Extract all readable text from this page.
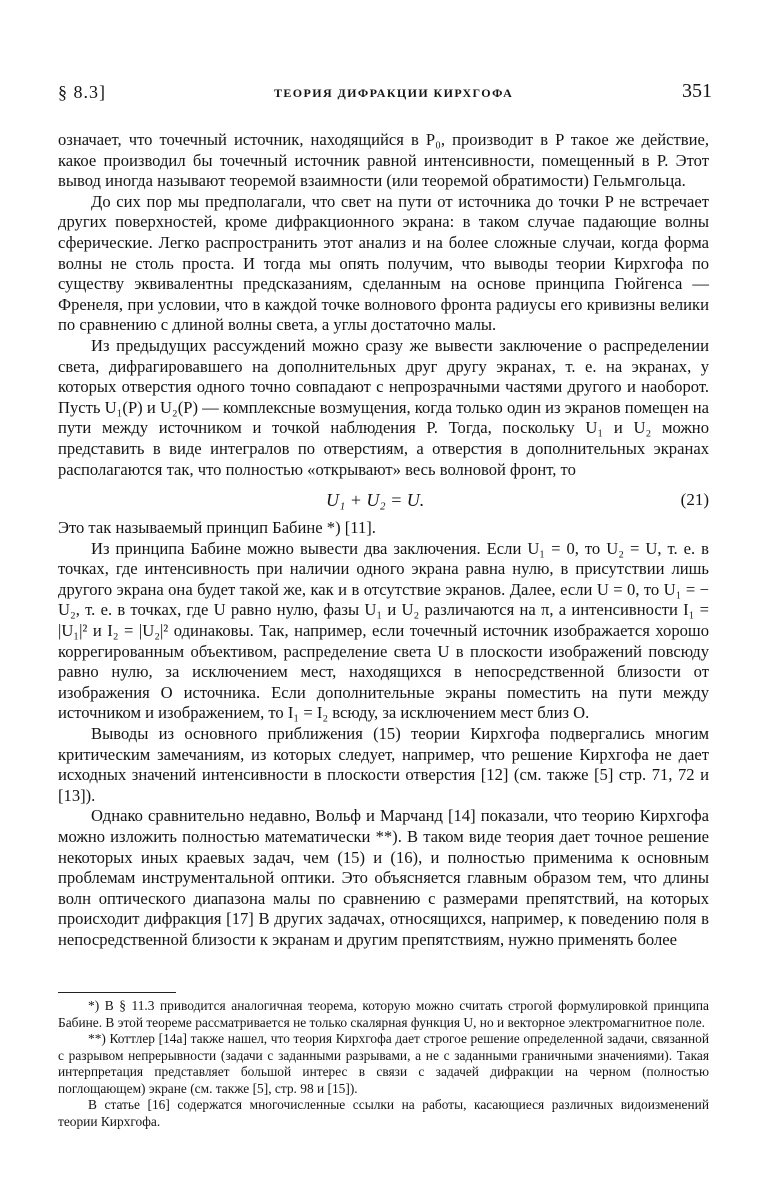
§ 8.3]	ТЕОРИЯ ДИФРАКЦИИ КИРХГОФА	351

означает, что точечный источник, находящийся в P₀, производит в P такое же действие, какое производил бы точечный источник равной интенсивности, помещенный в P. Этот вывод иногда называют теоремой взаимности (или теоремой обратимости) Гельмгольца.

До сих пор мы предполагали, что свет на пути от источника до точки P не встречает других поверхностей, кроме дифракционного экрана: в таком случае падающие волны сферические. Легко распространить этот анализ и на более сложные случаи, когда форма волны не столь проста. И тогда мы опять получим, что выводы теории Кирхгофа по существу эквивалентны предсказаниям, сделанным на основе принципа Гюйгенса — Френеля, при условии, что в каждой точке волнового фронта радиусы его кривизны велики по сравнению с длиной волны света, а углы достаточно малы.

Из предыдущих рассуждений можно сразу же вывести заключение о распределении света, дифрагировавшего на дополнительных друг другу экранах, т. е. на экранах, у которых отверстия одного точно совпадают с непрозрачными частями другого и наоборот. Пусть U₁(P) и U₂(P) — комплексные возмущения, когда только один из экранов помещен на пути между источником и точкой наблюдения P. Тогда, поскольку U₁ и U₂ можно представить в виде интегралов по отверстиям, а отверстия в дополнительных экранах располагаются так, что полностью «открывают» весь волновой фронт, то

U₁ + U₂ = U.	(21)

Это так называемый принцип Бабине *) [11].

Из принципа Бабине можно вывести два заключения. Если U₁ = 0, то U₂ = U, т. е. в точках, где интенсивность при наличии одного экрана равна нулю, в присутствии лишь другого экрана она будет такой же, как и в отсутствие экранов. Далее, если U = 0, то U₁ = − U₂, т. е. в точках, где U равно нулю, фазы U₁ и U₂ различаются на π, а интенсивности I₁ = |U₁|² и I₂ = |U₂|² одинаковы. Так, например, если точечный источник изображается хорошо коррегированным объективом, распределение света U в плоскости изображений повсюду равно нулю, за исключением мест, находящихся в непосредственной близости от изображения O источника. Если дополнительные экраны поместить на пути между источником и изображением, то I₁ = I₂ всюду, за исключением мест близ O.

Выводы из основного приближения (15) теории Кирхгофа подвергались многим критическим замечаниям, из которых следует, например, что решение Кирхгофа не дает исходных значений интенсивности в плоскости отверстия [12] (см. также [5] стр. 71, 72 и [13]).

Однако сравнительно недавно, Вольф и Марчанд [14] показали, что теорию Кирхгофа можно изложить полностью математически **). В таком виде теория дает точное решение некоторых иных краевых задач, чем (15) и (16), и полностью применима к основным проблемам инструментальной оптики. Это объясняется главным образом тем, что длины волн оптического диапазона малы по сравнению с размерами препятствий, на которых происходит дифракция [17] В других задачах, относящихся, например, к поведению поля в непосредственной близости к экранам и другим препятствиям, нужно применять более

*) В § 11.3 приводится аналогичная теорема, которую можно считать строгой формулировкой принципа Бабине. В этой теореме рассматривается не только скалярная функция U, но и векторное электромагнитное поле.

**) Коттлер [14a] также нашел, что теория Кирхгофа дает строгое решение определенной задачи, связанной с разрывом непрерывности (задачи с заданными разрывами, а не с заданными граничными значениями). Такая интерпретация представляет большой интерес в связи с задачей дифракции на черном (полностью поглощающем) экране (см. также [5], стр. 98 и [15]).

В статье [16] содержатся многочисленные ссылки на работы, касающиеся различных видоизменений теории Кирхгофа.
